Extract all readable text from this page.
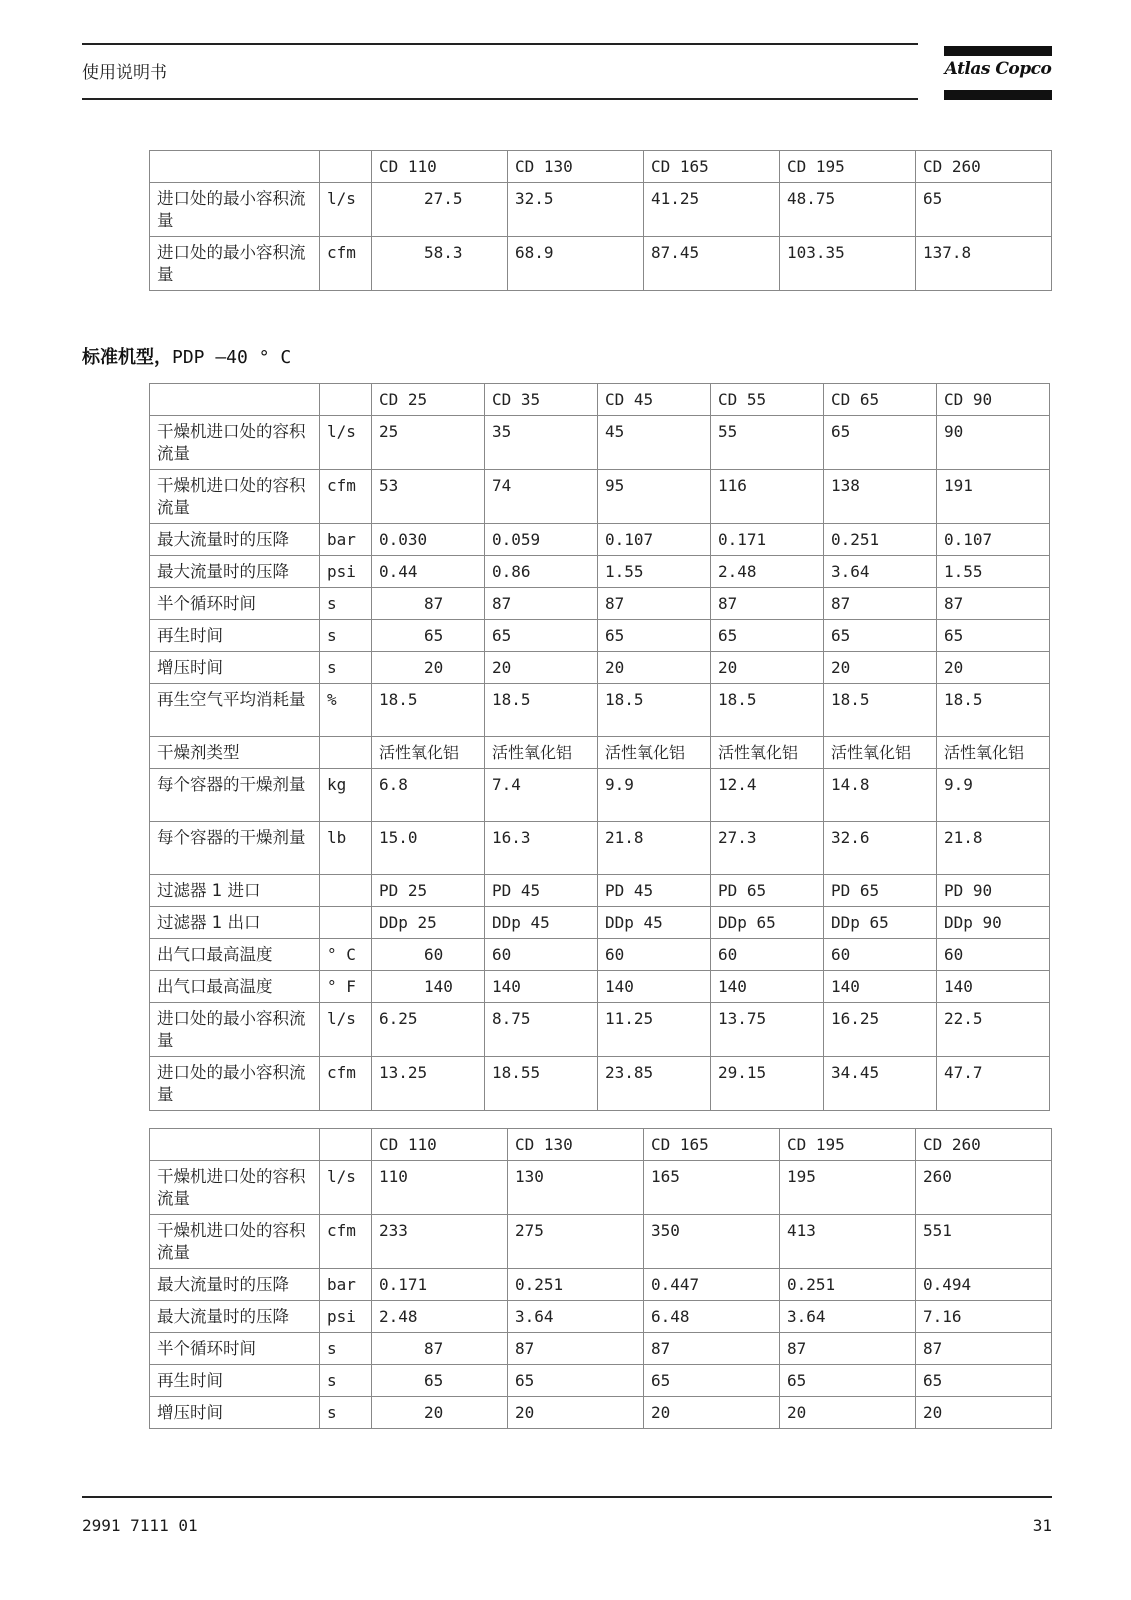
使用说明书	Atlas Copco
		CD 110	CD 130	CD 165	CD 195	CD 260
进口处的最小容积流量	l/s	27.5	32.5	41.25	48.75	65
进口处的最小容积流量	cfm	58.3	68.9	87.45	103.35	137.8
标准机型，PDP —40 ° C
		CD 25	CD 35	CD 45	CD 55	CD 65	CD 90
干燥机进口处的容积流量	l/s	25	35	45	55	65	90
干燥机进口处的容积流量	cfm	53	74	95	116	138	191
最大流量时的压降	bar	0.030	0.059	0.107	0.171	0.251	0.107
最大流量时的压降	psi	0.44	0.86	1.55	2.48	3.64	1.55
半个循环时间	s	87	87	87	87	87	87
再生时间	s	65	65	65	65	65	65
增压时间	s	20	20	20	20	20	20
再生空气平均消耗量	%	18.5	18.5	18.5	18.5	18.5	18.5
干燥剂类型		活性氧化铝	活性氧化铝	活性氧化铝	活性氧化铝	活性氧化铝	活性氧化铝
每个容器的干燥剂量	kg	6.8	7.4	9.9	12.4	14.8	9.9
每个容器的干燥剂量	lb	15.0	16.3	21.8	27.3	32.6	21.8
过滤器 1 进口		PD 25	PD 45	PD 45	PD 65	PD 65	PD 90
过滤器 1 出口		DDp 25	DDp 45	DDp 45	DDp 65	DDp 65	DDp 90
出气口最高温度	° C	60	60	60	60	60	60
出气口最高温度	° F	140	140	140	140	140	140
进口处的最小容积流量	l/s	6.25	8.75	11.25	13.75	16.25	22.5
进口处的最小容积流量	cfm	13.25	18.55	23.85	29.15	34.45	47.7
		CD 110	CD 130	CD 165	CD 195	CD 260
干燥机进口处的容积流量	l/s	110	130	165	195	260
干燥机进口处的容积流量	cfm	233	275	350	413	551
最大流量时的压降	bar	0.171	0.251	0.447	0.251	0.494
最大流量时的压降	psi	2.48	3.64	6.48	3.64	7.16
半个循环时间	s	87	87	87	87	87
再生时间	s	65	65	65	65	65
增压时间	s	20	20	20	20	20
2991 7111 01	31
